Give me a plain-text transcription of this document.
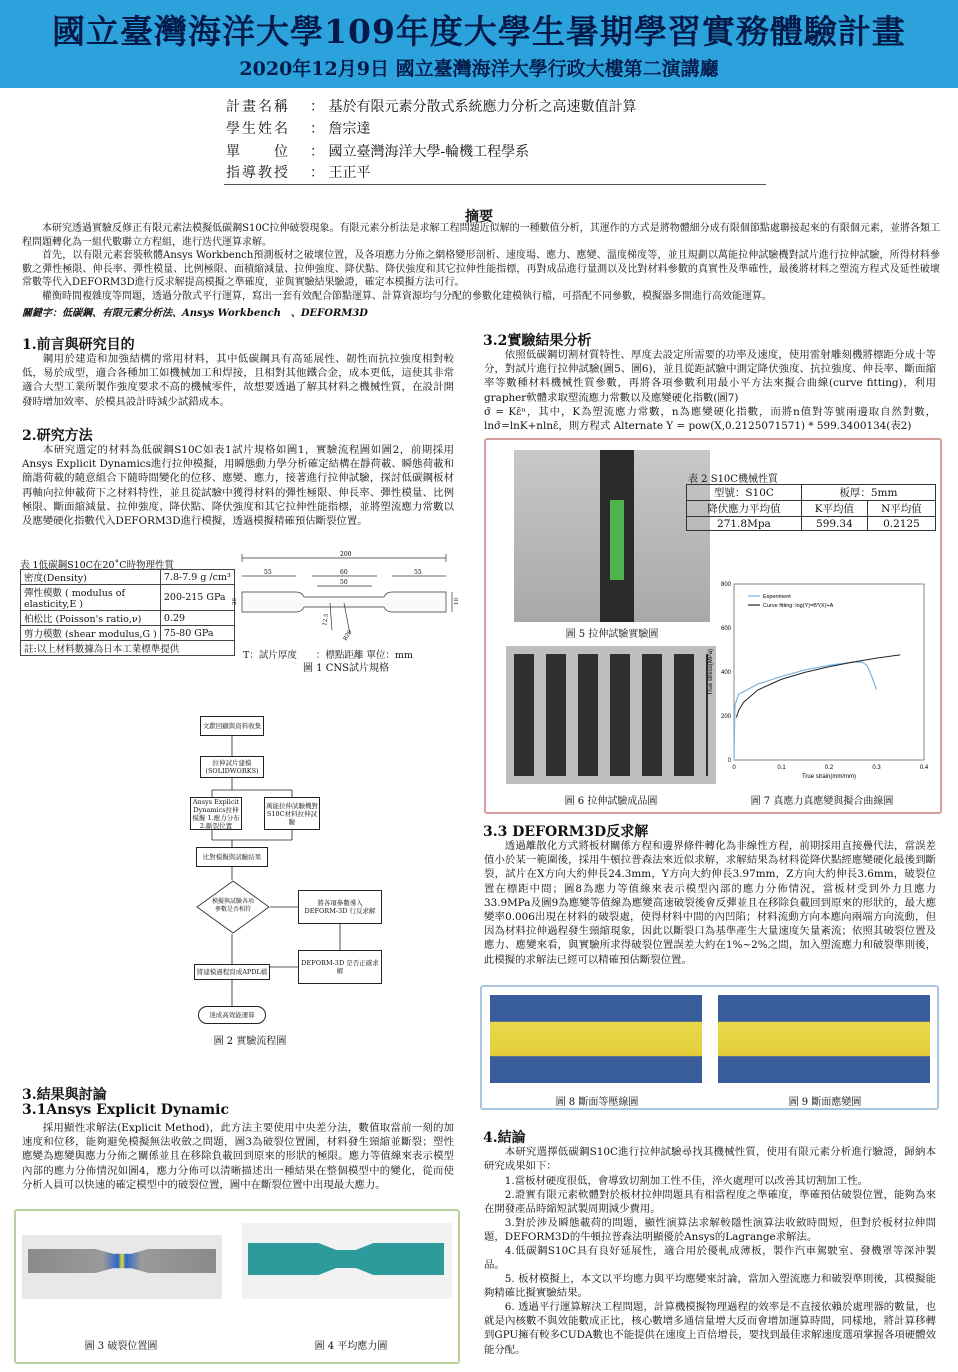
國立臺灣海洋大學109年度大學生暑期學習實務體驗計畫
2020年12月9日 國立臺灣海洋大學行政大樓第二演講廳
計畫名稱 ： 基於有限元素分散式系統應力分析之高速數值計算
學生姓名 ： 詹宗達
單　　位 ： 國立臺灣海洋大學-輪機工程學系
指導教授 ： 王正平
摘要
本研究透過實驗反修正有限元素法模擬低碳鋼S10C拉伸破裂現象。有限元素分析法是求解工程問題近似解的一種數值分析，其運作的方式是將物體細分成有限個節點處聯接起來的有限個元素，並將各類工程問題轉化為一組代數聯立方程組，進行迭代運算求解。
首先，以有限元素套裝軟體Ansys Workbench預測板材之破壞位置，及各項應力分佈之網格變形剖析、速度場、應力、應變、溫度梯度等，並且規劃以萬能拉伸試驗機對試片進行拉伸試驗，所得材料參數之彈性極限、伸長率、彈性模量、比例極限、面積縮減量、拉伸強度、降伏點、降伏強度和其它拉伸性能指標，再對成品進行量測以及比對材料參數的真實性及準確性，最後將材料之塑流方程式及延性破壞常數等代入DEFORM3D進行反求解提高模擬之準確度，並與實驗結果驗證，確定本模擬方法可行。
權衡時間複雜度等問題，透過分散式平行運算，寫出一套有效配合節點運算、計算資源均勻分配的參數化建模執行檔，可搭配不同參數，模擬器多開進行高效能運算。
關鍵字：低碳鋼、有限元素分析法、Ansys Workbench　、DEFORM3D
1.前言與研究目的
鋼用於建造和加強結構的常用材料，其中低碳鋼具有高延展性、韌性而抗拉強度相對較低，易於成型，適合各種加工如機械加工和焊接，且相對其他鐵合金，成本更低，這使其非常適合大型工業所製作強度要求不高的機械零件，故想要透過了解其材料之機械性質，在設計開發時增加效率、於模具設計時減少試錯成本。
2.研究方法
本研究選定的材料為低碳鋼S10C如表1試片規格如圖1，實驗流程圖如圖2，前期採用Ansys Explicit Dynamics進行拉伸模擬，用瞬態動力學分析確定結構在靜荷載、瞬態荷載和簡諧荷載的隨意組合下隨時間變化的位移、應變、應力，接著進行拉伸試驗，探討低碳鋼板材再軸向拉伸載荷下之材料特性，並且從試驗中獲得材料的彈性極限、伸長率、彈性模量、比例極限、斷面縮減量、拉伸強度、降伏點、降伏強度和其它拉伸性能指標，並將塑流應力常數以及應變硬化指數代入DEFORM3D進行模擬，透過模擬精確預估斷裂位置。
表 1低碳鋼S10C在20˚C時物理性質
密度(Density)	7.8-7.9 g /cm³
彈性模數 ( modulus of elasticity,E )	200-215 GPa
柏松比 (Poisson's ratio,ν)	0.29
剪力模數 (shear modulus,G )	75-80 GPa
註:以上材料數據為日本工業標準提供	
200
55	60	55
50
12.5
R20
20	10
T：試片厚度　　：標點距離 單位：mm
圖 1 CNS試片規格
文獻回顧與資料收集
拉伸試片建模 (SOLIDWORKS)
Ansys Explicit Dynamics拉伸模擬 1.應力分布 2.斷裂位置
萬能拉伸試驗機對 S10C材料拉伸試驗
比對模擬與試驗結果
模擬與試驗各項參數是否相符
將各項參數導入 DEFORM-3D 行反求解
DEFORM-3D 是否正確求解
將建模過程寫成APDL檔
達成高效能運算
圖 2 實驗流程圖
3.結果與討論
3.1Ansys Explicit Dynamic
採用顯性求解法(Explicit Method)，此方法主要使用中央差分法，數值取當前一刻的加速度和位移，能夠避免模擬無法收斂之問題，圖3為破裂位置圖，材料發生頸縮並斷裂；塑性應變為應變與應力分佈之關係並且在移除負載回到原來的形狀的極限。應力等值線來表示模型內部的應力分佈情況如圖4，應力分佈可以清晰描述出一種結果在整個模型中的變化，從而使分析人員可以快速的確定模型中的破裂位置，圖中在斷裂位置中出現最大應力。
圖 3 破裂位置圖	圖 4 平均應力圖
3.2實驗結果分析
依照低碳鋼切割材質特性、厚度去設定所需要的功率及速度，使用雷射雕刻機將標距分成十等分，對試片進行拉伸試驗(圖5、圖6)，並且從距試驗中測定降伏強度、抗拉強度、伸長率、斷面縮率等數種材料機械性質參數，再將各項參數利用最小平方法來擬合曲線(curve fitting)，利用grapher軟體求取塑流應力常數以及應變硬化指數(圖7)
σ̄ = Kε̄ⁿ，其中，K為塑流應力常數，n為應變硬化指數，而將n值對等號兩邊取自然對數，lnσ̄=lnK+nlnε̄，則方程式 Alternate Y = pow(X,0.2125071571) * 599.3400134(表2)
圖 5 拉伸試驗實驗圖
圖 6 拉伸試驗成品圖
表 2 S10C機械性質
型號：S10C	板厚：5mm	
降伏應力平均值	K平均值	N平均值
271.8Mpa	599.34	0.2125
0	0.1	0.2	0.3	0.4
0
200
400
600
800
True strain(mm/mm)
True stress(MPa)
Experiment
Curve fitting: log(Y)=B*(X)+A
圖 7 真應力真應變與擬合曲線圖
3.3 DEFORM3D反求解
透過離散化方式將板材關係方程和邊界條件轉化為非線性方程，前期採用直接疊代法，當誤差值小於某一範圍後，採用牛頓拉普森法來近似求解，求解結果為材料從降伏點經應變硬化最後到斷裂，試片在X方向大約伸長24.3mm，Y方向大約伸長3.97mm，Z方向大約伸長3.6mm，破裂位置在標距中間；圖8為應力等值線來表示模型內部的應力分佈情況，當板材受到外力且應力33.9MPa及圖9為應變等值線為應變高速破裂後會反彈並且在移除負載回到原來的形狀的，最大應變率0.006出現在材料的破裂處，使得材料中間的內凹陷；材料流動方向本應向兩端方向流動，但因為材料拉伸過程發生頸縮現象，因此以斷裂口為基準產生大量速度矢量紊流；依照其破裂位置及應力、應變來看，與實驗所求得破裂位置誤差大約在1%~2%之間，加入塑流應力和破裂準則後，此模擬的求解法已經可以精確預估斷裂位置。
圖 8 斷面等壓線圖	圖 9 斷面應變圖
4.結論
本研究選擇低碳鋼S10C進行拉伸試驗尋找其機械性質，使用有限元素分析進行驗證，歸納本研究成果如下：
1.當板材硬度很低，會導致切割加工性不佳，淬火處理可以改善其切割加工性。
2.證實有限元素軟體對於板材拉伸問題具有相當程度之準確度，準確預估破裂位置，能夠為來在開發產品時縮短試製周期減少費用。
3.對於涉及瞬態載荷的問題，顯性演算法求解較隱性演算法收斂時間短，但對於板材拉伸問題，DEFORM3D的牛頓拉普森法明顯優於Ansys的Lagrange求解法。
4.低碳鋼S10C具有良好延展性，適合用於優軋成薄板，製作汽車駕駛室、發機罩等深沖製品。
5. 板材模擬上，本文以平均應力與平均應變來討論，當加入塑流應力和破裂準則後，其模擬能夠精確比擬實驗結果。
6. 透過平行運算解決工程問題，計算機模擬物理過程的效率是不直接依賴於處理器的數量，也就是內核數不與效能數成正比，核心數增多通信量增大反而會增加運算時間，同樣地，將計算移轉到GPU擁有較多CUDA數也不能提供在速度上百倍增長，要找到最佳求解速度選項掌握各項硬體效能分配。
